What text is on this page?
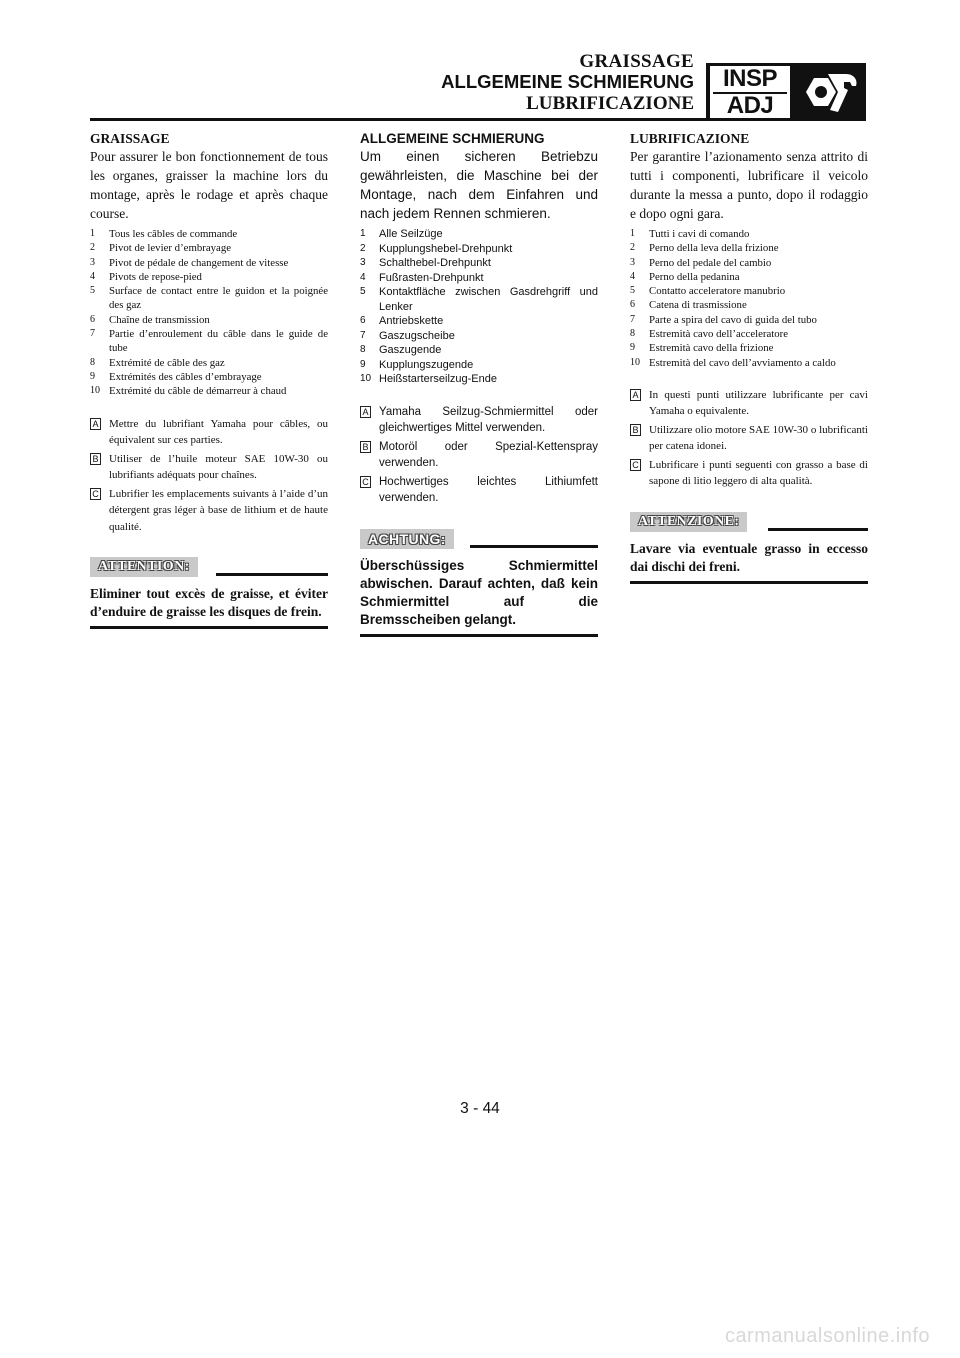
GRAISSAGE
ALLGEMEINE SCHMIERUNG
LUBRIFICAZIONE
INSP
ADJ
GRAISSAGE
Pour assurer le bon fonctionnement de tous les organes, graisser la machine lors du montage, après le rodage et après chaque course.
1	Tous les câbles de commande
2	Pivot de levier d’embrayage
3	Pivot de pédale de changement de vitesse
4	Pivots de repose-pied
5	Surface de contact entre le guidon et la poignée des gaz
6	Chaîne de transmission
7	Partie d’enroulement du câble dans le guide de tube
8	Extrémité de câble des gaz
9	Extrémités des câbles d’embrayage
10 Extrémité du câble de démarreur à chaud
A Mettre du lubrifiant Yamaha pour câbles, ou équivalent sur ces parties.
B Utiliser de l’huile moteur SAE 10W-30 ou lubrifiants adéquats pour chaînes.
C Lubrifier les emplacements suivants à l’aide d’un détergent gras léger à base de lithium et de haute qualité.
ATTENTION:
Eliminer tout excès de graisse, et éviter d’enduire de graisse les disques de frein.
ALLGEMEINE SCHMIERUNG
Um einen sicheren Betriebzu gewährleisten, die Maschine bei der Montage, nach dem Einfahren und nach jedem Rennen schmieren.
1	Alle Seilzüge
2	Kupplungshebel-Drehpunkt
3	Schalthebel-Drehpunkt
4	Fußrasten-Drehpunkt
5	Kontaktfläche zwischen Gasdrehgriff und Lenker
6	Antriebskette
7	Gaszugscheibe
8	Gaszugende
9	Kupplungszugende
10 Heißstarterseilzug-Ende
A Yamaha Seilzug-Schmiermittel oder gleichwertiges Mittel verwenden.
B Motoröl oder Spezial-Kettenspray verwenden.
C Hochwertiges leichtes Lithiumfett verwenden.
ACHTUNG:
Überschüssiges Schmiermittel abwischen. Darauf achten, daß kein Schmiermittel auf die Bremsscheiben gelangt.
LUBRIFICAZIONE
Per garantire l’azionamento senza attrito di tutti i componenti, lubrificare il veicolo durante la messa a punto, dopo il rodaggio e dopo ogni gara.
1	Tutti i cavi di comando
2	Perno della leva della frizione
3	Perno del pedale del cambio
4	Perno della pedanina
5	Contatto acceleratore manubrio
6	Catena di trasmissione
7	Parte a spira del cavo di guida del tubo
8	Estremità cavo dell’acceleratore
9	Estremità cavo della frizione
10 Estremità del cavo dell’avviamento a caldo
A In questi punti utilizzare lubrificante per cavi Yamaha o equivalente.
B Utilizzare olio motore SAE 10W-30 o lubrificanti per catena idonei.
C Lubrificare i punti seguenti con grasso a base di sapone di litio leggero di alta qualità.
ATTENZIONE:
Lavare via eventuale grasso in eccesso dai dischi dei freni.
3 - 44
carmanualsonline.info
